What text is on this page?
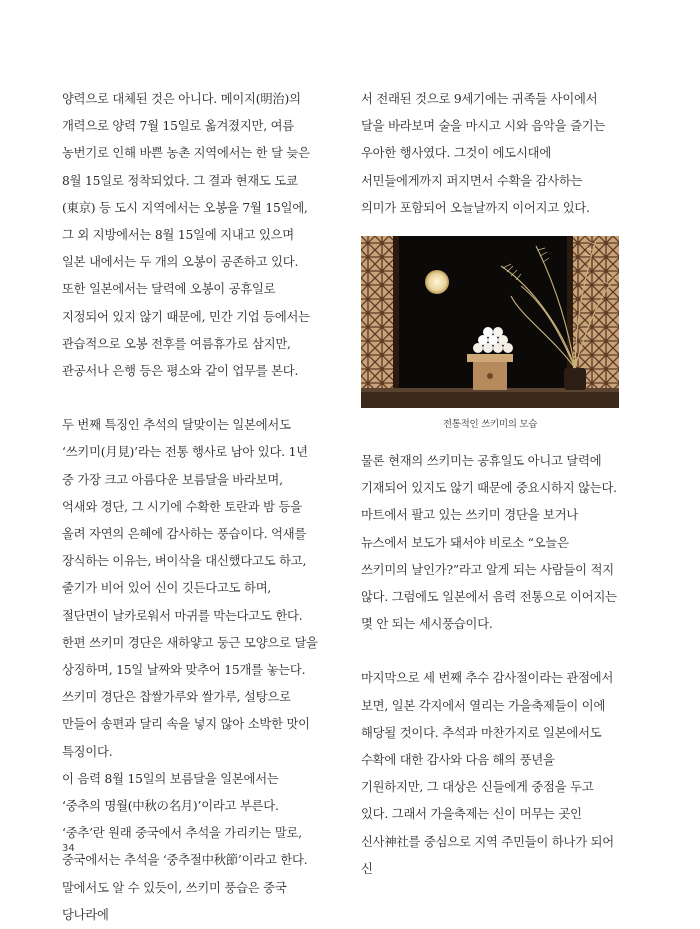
양력으로 대체된 것은 아니다. 메이지(明治)의 개력으로 양력 7월 15일로 옮겨졌지만, 여름 농번기로 인해 바쁜 농촌 지역에서는 한 달 늦은 8월 15일로 정착되었다. 그 결과 현재도 도쿄(東京) 등 도시 지역에서는 오봉을 7월 15일에, 그 외 지방에서는 8월 15일에 지내고 있으며 일본 내에서는 두 개의 오봉이 공존하고 있다. 또한 일본에서는 달력에 오봉이 공휴일로 지정되어 있지 않기 때문에, 민간 기업 등에서는 관습적으로 오봉 전후를 여름휴가로 삼지만, 관공서나 은행 등은 평소와 같이 업무를 본다.

두 번째 특징인 추석의 달맞이는 일본에서도 ‘쓰키미(月見)’라는 전통 행사로 남아 있다. 1년 중 가장 크고 아름다운 보름달을 바라보며, 억새와 경단, 그 시기에 수확한 토란과 밤 등을 올려 자연의 은혜에 감사하는 풍습이다. 억새를 장식하는 이유는, 벼이삭을 대신했다고도 하고, 줄기가 비어 있어 신이 깃든다고도 하며, 절단면이 날카로워서 마귀를 막는다고도 한다. 한편 쓰키미 경단은 새하얗고 둥근 모양으로 달을 상징하며, 15일 날짜와 맞추어 15개를 놓는다. 쓰키미 경단은 찹쌀가루와 쌀가루, 설탕으로 만들어 송편과 달리 속을 넣지 않아 소박한 맛이 특징이다.

이 음력 8월 15일의 보름달을 일본에서는 ‘중추의 명월(中秋の名月)’이라고 부른다. ‘중추’란 원래 중국에서 추석을 가리키는 말로, 중국에서는 추석을 ‘중추절中秋節’이라고 한다. 말에서도 알 수 있듯이, 쓰키미 풍습은 중국 당나라에

서 전래된 것으로 9세기에는 귀족들 사이에서 달을 바라보며 술을 마시고 시와 음악을 즐기는 우아한 행사였다. 그것이 에도시대에 서민들에게까지 퍼지면서 수확을 감사하는 의미가 포함되어 오늘날까지 이어지고 있다.

전통적인 쓰키미의 모습

물론 현재의 쓰키미는 공휴일도 아니고 달력에 기재되어 있지도 않기 때문에 중요시하지 않는다. 마트에서 팔고 있는 쓰키미 경단을 보거나 뉴스에서 보도가 돼서야 비로소 “오늘은 쓰키미의 날인가?”라고 알게 되는 사람들이 적지 않다. 그럼에도 일본에서 음력 전통으로 이어지는 몇 안 되는 세시풍습이다.

마지막으로 세 번째 추수 감사절이라는 관점에서 보면, 일본 각지에서 열리는 가을축제들이 이에 해당될 것이다. 추석과 마찬가지로 일본에서도 수확에 대한 감사와 다음 해의 풍년을 기원하지만, 그 대상은 신들에게 중점을 두고 있다. 그래서 가을축제는 신이 머무는 곳인 신사神社를 중심으로 지역 주민들이 하나가 되어 신

34
